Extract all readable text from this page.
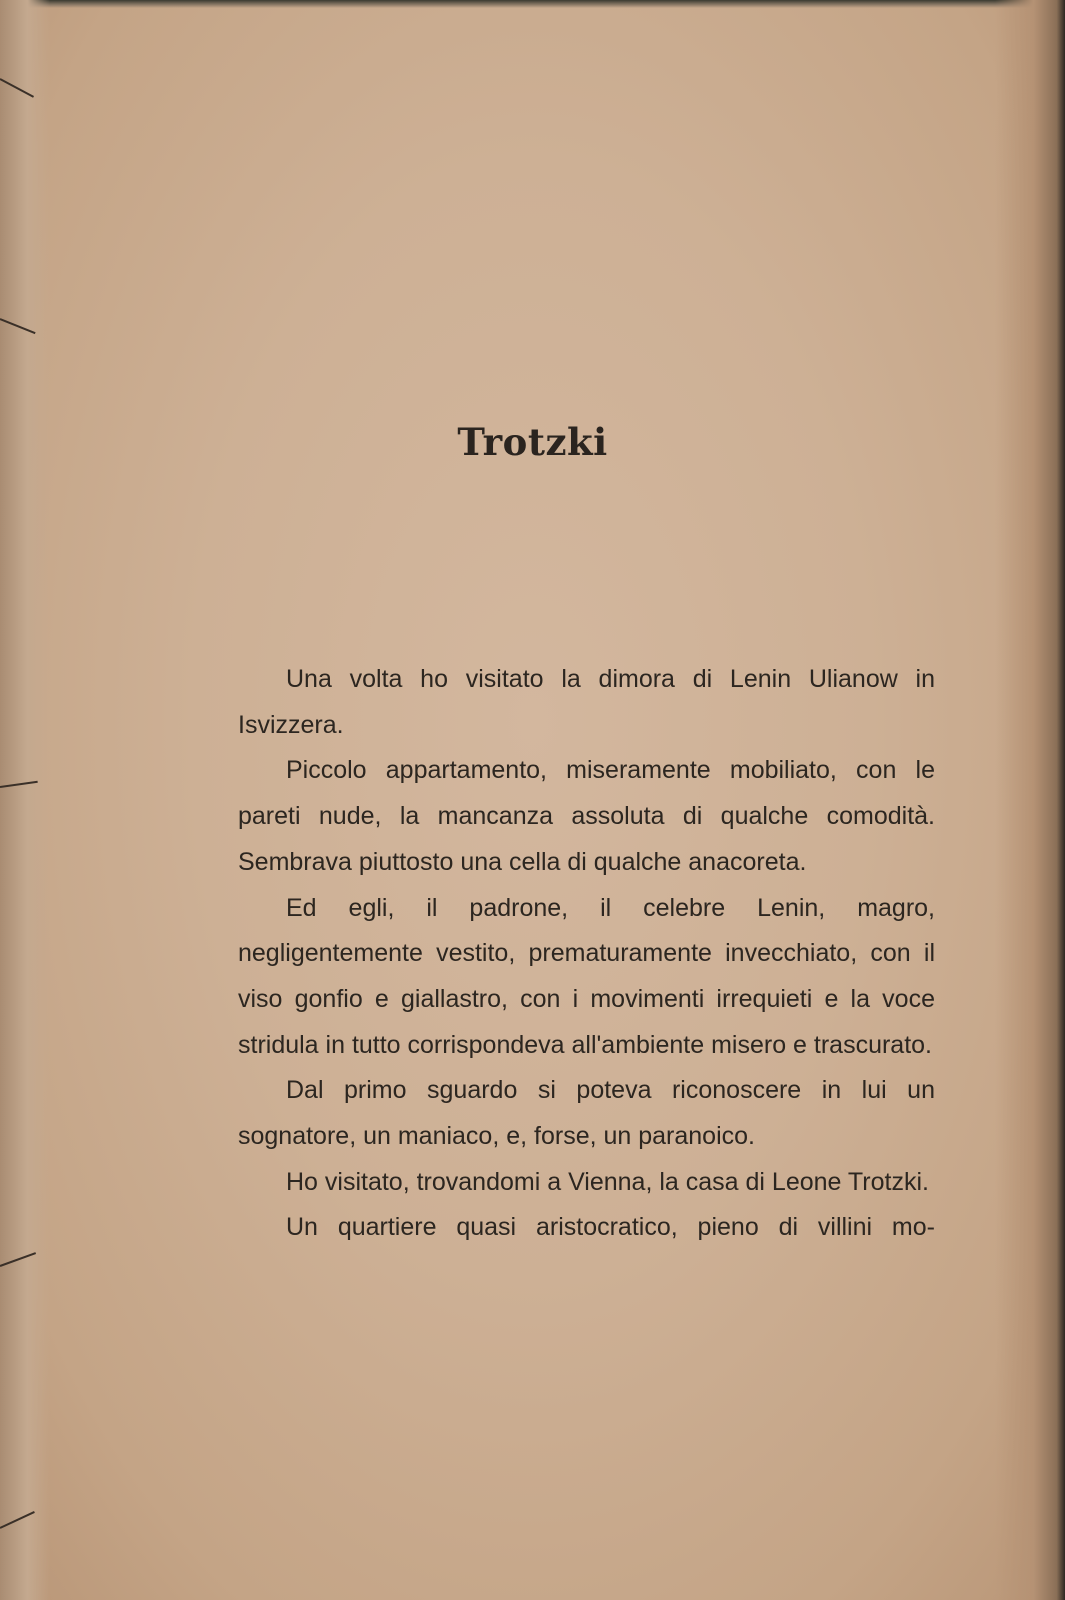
Trotzki

Una volta ho visitato la dimora di Lenin Ulianow in Isvizzera.

Piccolo appartamento, miseramente mobiliato, con le pareti nude, la mancanza assoluta di qualche comodità. Sembrava piuttosto una cella di qualche anacoreta.

Ed egli, il padrone, il celebre Lenin, magro, negligentemente vestito, prematuramente invecchiato, con il viso gonfio e giallastro, con i movimenti irrequieti e la voce stridula in tutto corrispondeva all'ambiente misero e trascurato.

Dal primo sguardo si poteva riconoscere in lui un sognatore, un maniaco, e, forse, un paranoico.

Ho visitato, trovandomi a Vienna, la casa di Leone Trotzki.

Un quartiere quasi aristocratico, pieno di villini mo-
